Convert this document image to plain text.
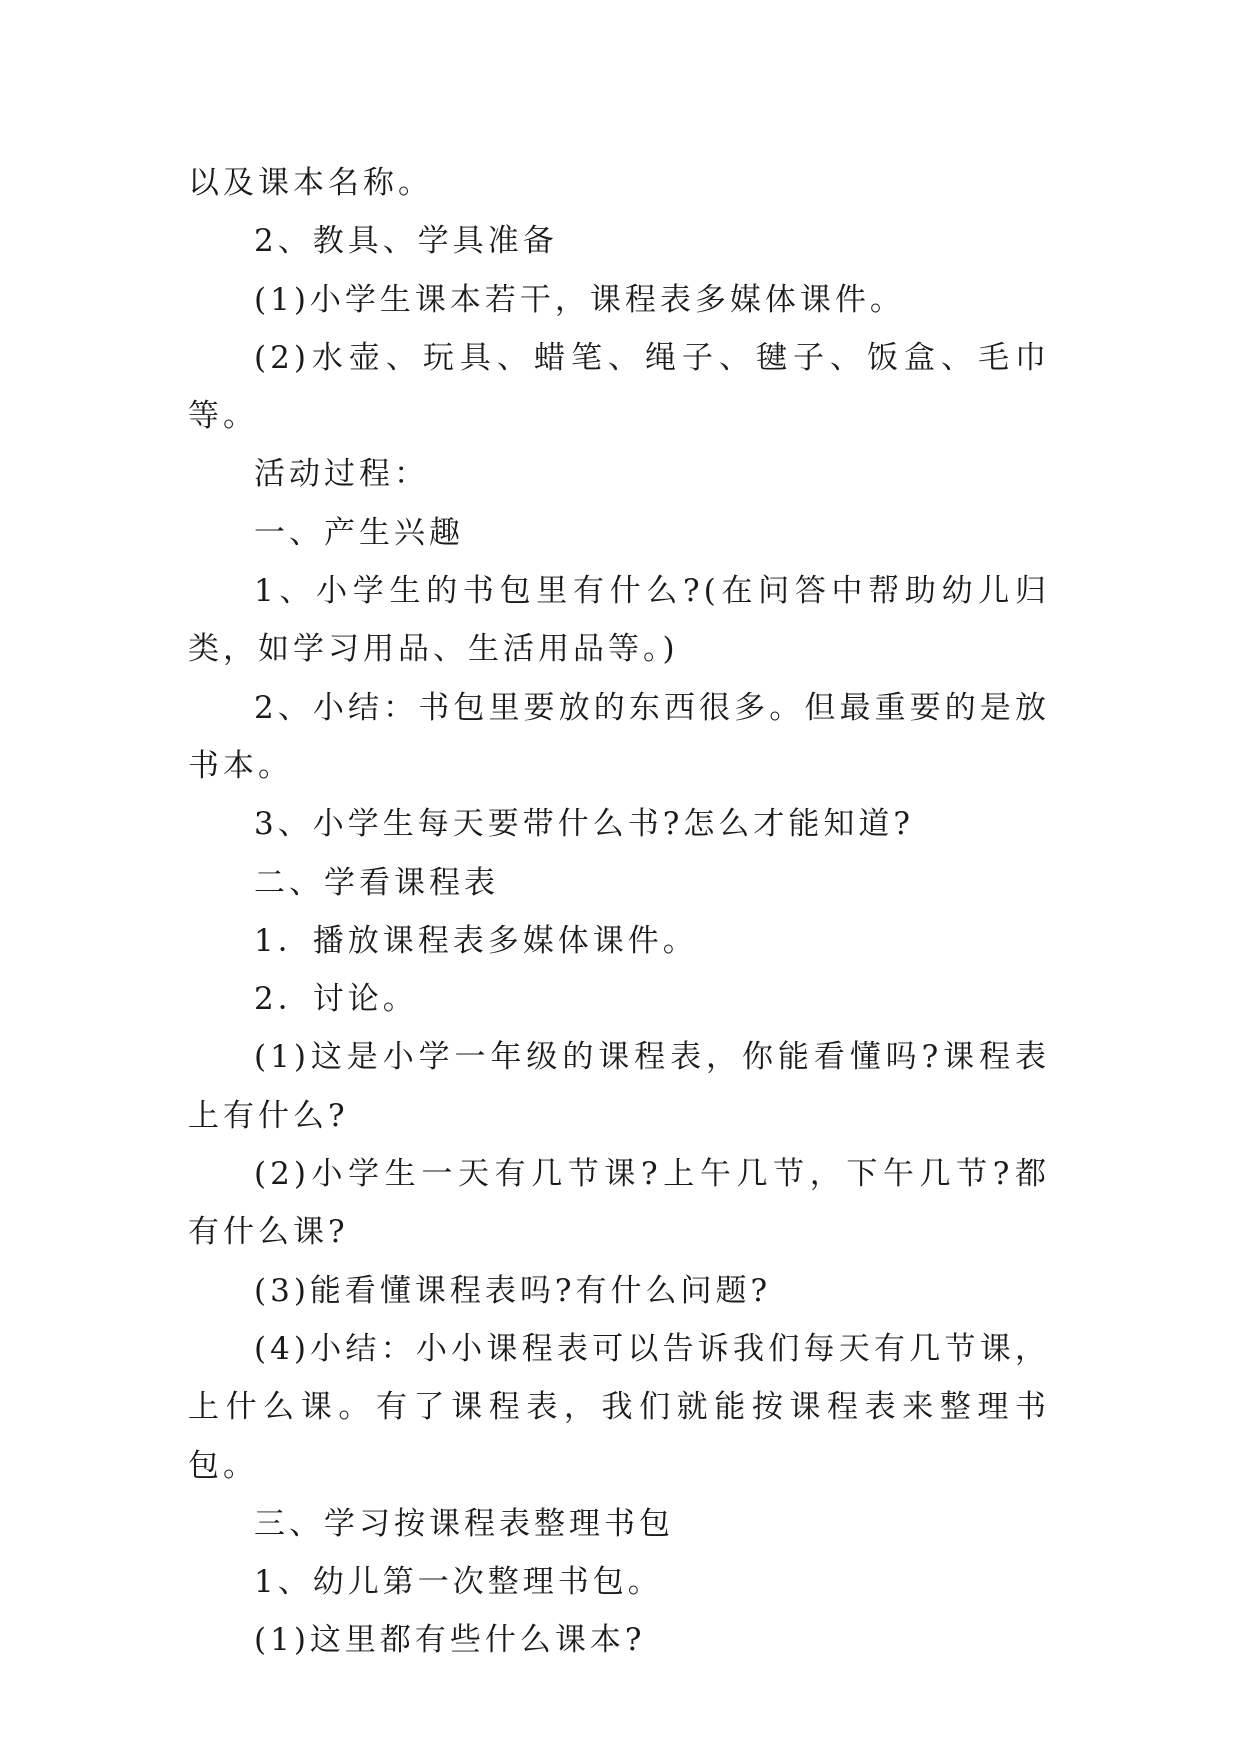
以及课本名称。

2、教具、学具准备

(1)小学生课本若干，课程表多媒体课件。

(2)水壶、玩具、蜡笔、绳子、毽子、饭盒、毛巾等。

活动过程：

一、产生兴趣

1、小学生的书包里有什么?(在问答中帮助幼儿归类，如学习用品、生活用品等。)

2、小结：书包里要放的东西很多。但最重要的是放书本。

3、小学生每天要带什么书?怎么才能知道?

二、学看课程表

1．播放课程表多媒体课件。

2．讨论。

(1)这是小学一年级的课程表，你能看懂吗?课程表上有什么?

(2)小学生一天有几节课?上午几节，下午几节?都有什么课?

(3)能看懂课程表吗?有什么问题?

(4)小结：小小课程表可以告诉我们每天有几节课，上什么课。有了课程表，我们就能按课程表来整理书包。

三、学习按课程表整理书包

1、幼儿第一次整理书包。

(1)这里都有些什么课本?
